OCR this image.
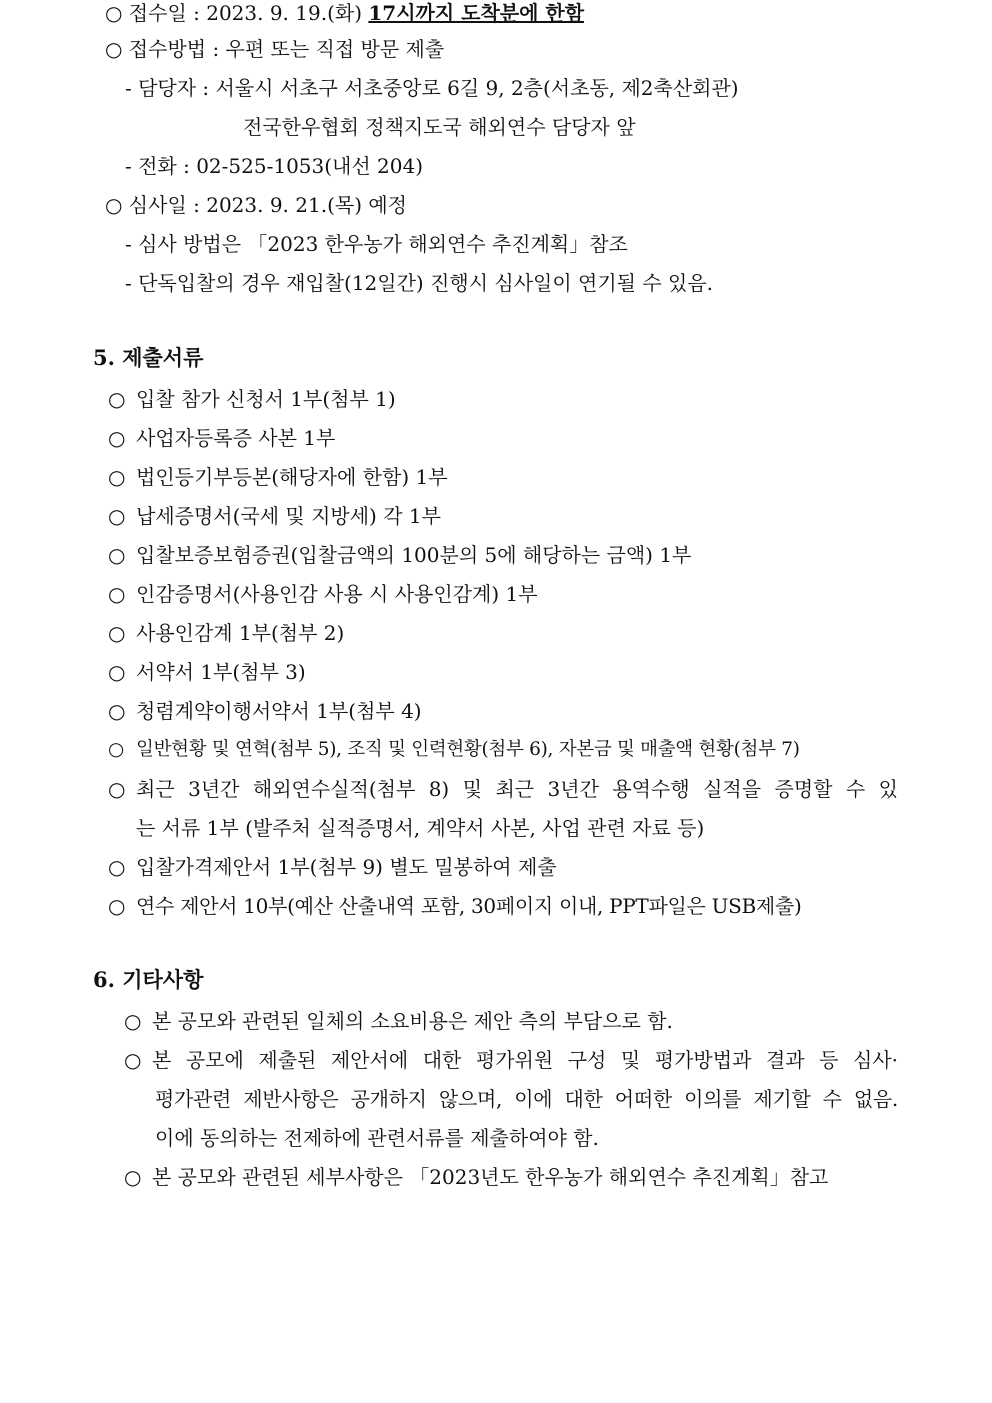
○ 접수일 : 2023. 9. 19.(화) 17시까지 도착분에 한함
○ 접수방법 : 우편 또는 직접 방문 제출
- 담당자 : 서울시 서초구 서초중앙로 6길 9, 2층(서초동, 제2축산회관)
전국한우협회 정책지도국 해외연수 담당자 앞
- 전화 : 02-525-1053(내선 204)
○ 심사일 : 2023. 9. 21.(목) 예정
- 심사 방법은 「2023 한우농가 해외연수 추진계획」참조
- 단독입찰의 경우 재입찰(12일간) 진행시 심사일이 연기될 수 있음.
5. 제출서류
○ 입찰 참가 신청서 1부(첨부 1)
○ 사업자등록증 사본 1부
○ 법인등기부등본(해당자에 한함) 1부
○ 납세증명서(국세 및 지방세) 각 1부
○ 입찰보증보험증권(입찰금액의 100분의 5에 해당하는 금액) 1부
○ 인감증명서(사용인감 사용 시 사용인감계) 1부
○ 사용인감계 1부(첨부 2)
○ 서약서 1부(첨부 3)
○ 청렴계약이행서약서 1부(첨부 4)
○ 일반현황 및 연혁(첨부 5), 조직 및 인력현황(첨부 6), 자본금 및 매출액 현황(첨부 7)
○ 최근 3년간 해외연수실적(첨부 8) 및 최근 3년간 용역수행 실적을 증명할 수 있
는 서류 1부 (발주처 실적증명서, 계약서 사본, 사업 관련 자료 등)
○ 입찰가격제안서 1부(첨부 9) 별도 밀봉하여 제출
○ 연수 제안서 10부(예산 산출내역 포함, 30페이지 이내, PPT파일은 USB제출)
6. 기타사항
○ 본 공모와 관련된 일체의 소요비용은 제안 측의 부담으로 함.
○ 본 공모에 제출된 제안서에 대한 평가위원 구성 및 평가방법과 결과 등 심사·
평가관련 제반사항은 공개하지 않으며, 이에 대한 어떠한 이의를 제기할 수 없음.
이에 동의하는 전제하에 관련서류를 제출하여야 함.
○ 본 공모와 관련된 세부사항은 「2023년도 한우농가 해외연수 추진계획」참고
